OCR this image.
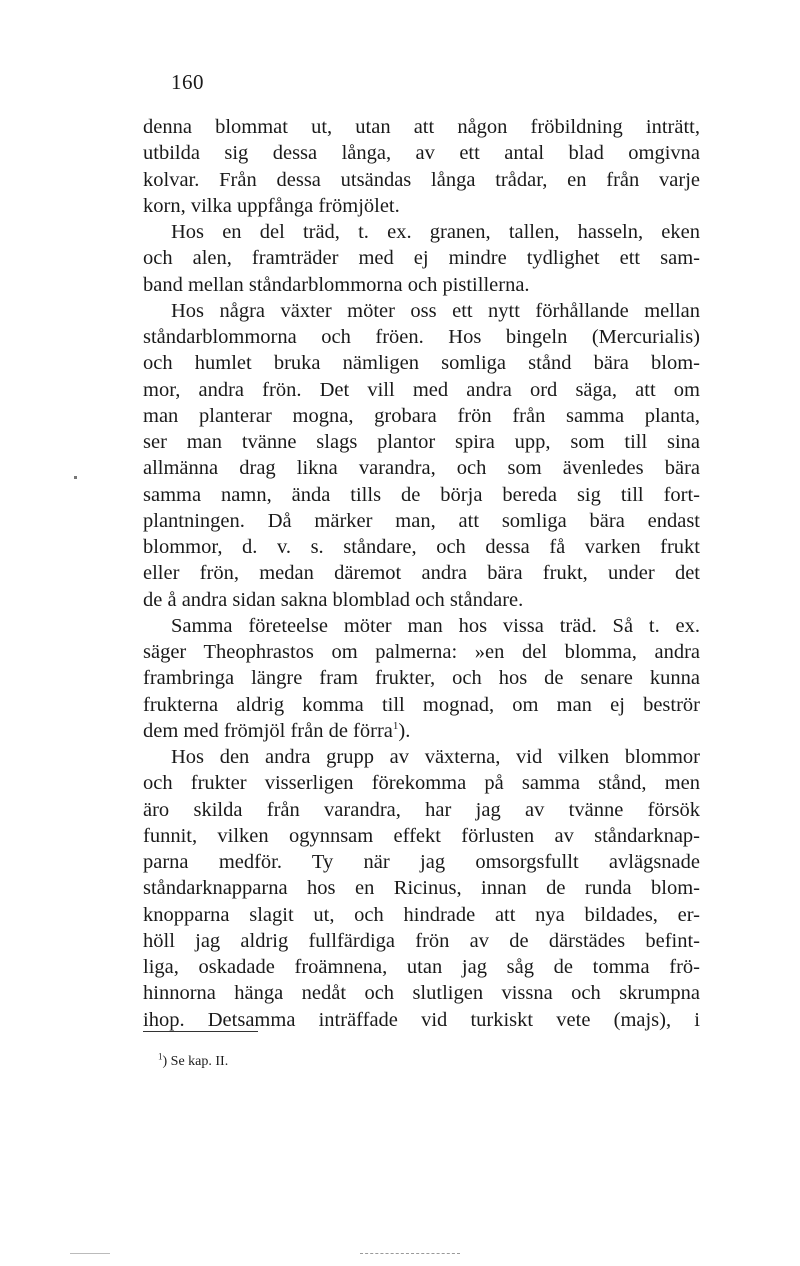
160
denna blommat ut, utan att någon fröbildning inträtt,
utbilda sig dessa långa, av ett antal blad omgivna
kolvar. Från dessa utsändas långa trådar, en från varje
korn, vilka uppfånga frömjölet.
Hos en del träd, t. ex. granen, tallen, hasseln, eken
och alen, framträder med ej mindre tydlighet ett sam-
band mellan ståndarblommorna och pistillerna.
Hos några växter möter oss ett nytt förhållande mellan
ståndarblommorna och fröen. Hos bingeln (Mercurialis)
och humlet bruka nämligen somliga stånd bära blom-
mor, andra frön. Det vill med andra ord säga, att om
man planterar mogna, grobara frön från samma planta,
ser man tvänne slags plantor spira upp, som till sina
allmänna drag likna varandra, och som ävenledes bära
samma namn, ända tills de börja bereda sig till fort-
plantningen. Då märker man, att somliga bära endast
blommor, d. v. s. ståndare, och dessa få varken frukt
eller frön, medan däremot andra bära frukt, under det
de å andra sidan sakna blomblad och ståndare.
Samma företeelse möter man hos vissa träd. Så t. ex.
säger Theophrastos om palmerna: »en del blomma, andra
frambringa längre fram frukter, och hos de senare kunna
frukterna aldrig komma till mognad, om man ej beströr
dem med frömjöl från de förra$^1$).
Hos den andra grupp av växterna, vid vilken blommor
och frukter visserligen förekomma på samma stånd, men
äro skilda från varandra, har jag av tvänne försök
funnit, vilken ogynnsam effekt förlusten av ståndarknap-
parna medför. Ty när jag omsorgsfullt avlägsnade
ståndarknapparna hos en Ricinus, innan de runda blom-
knopparna slagit ut, och hindrade att nya bildades, er-
höll jag aldrig fullfärdiga frön av de därstädes befint-
liga, oskadade froämnena, utan jag såg de tomma frö-
hinnorna hänga nedåt och slutligen vissna och skrumpna
ihop. Detsamma inträffade vid turkiskt vete (majs), i
$^1$) Se kap. II.
